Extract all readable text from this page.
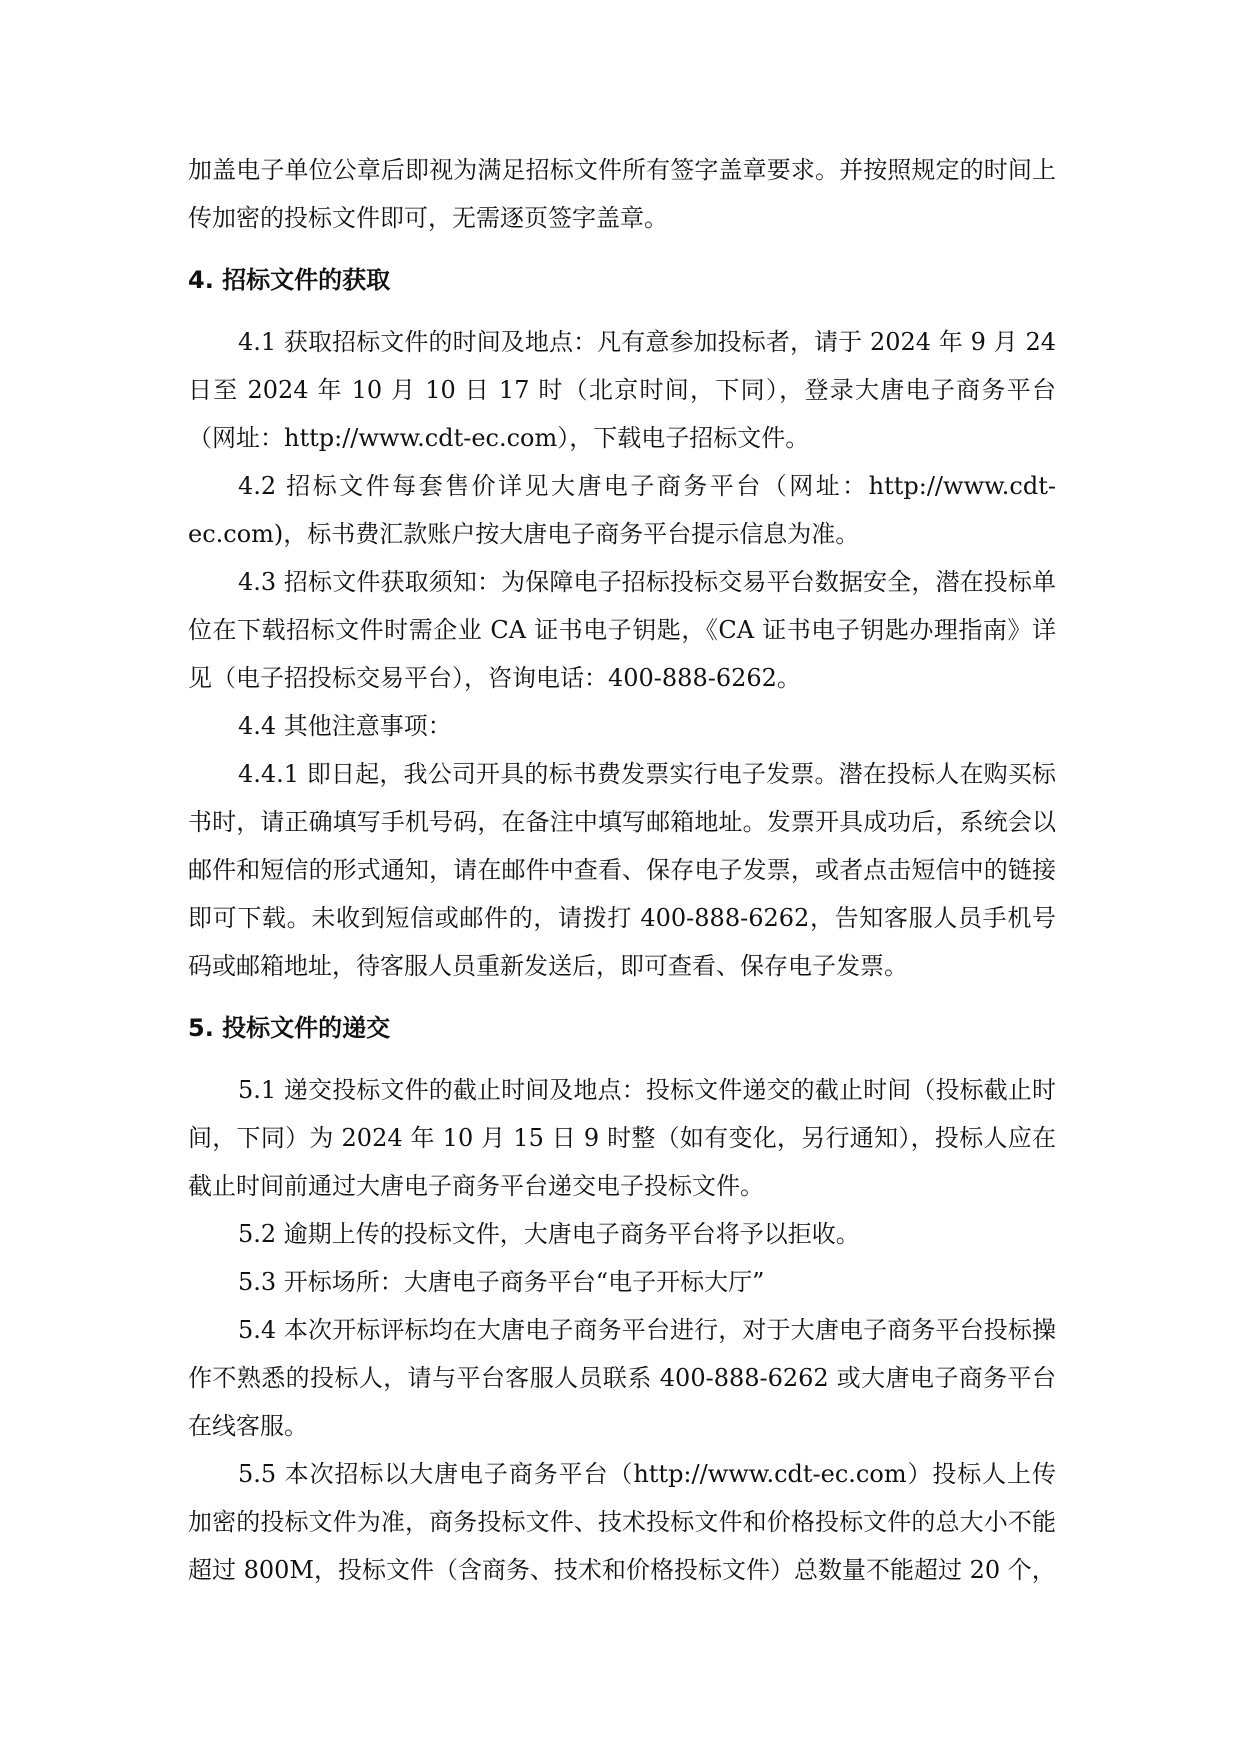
加盖电子单位公章后即视为满足招标文件所有签字盖章要求。并按照规定的时间上传加密的投标文件即可，无需逐页签字盖章。

4. 招标文件的获取

4.1 获取招标文件的时间及地点：凡有意参加投标者，请于 2024 年 9 月 24 日至 2024 年 10 月 10 日 17 时（北京时间，下同），登录大唐电子商务平台（网址：http://www.cdt-ec.com），下载电子招标文件。

4.2 招标文件每套售价详见大唐电子商务平台（网址：http://www.cdt-ec.com)，标书费汇款账户按大唐电子商务平台提示信息为准。

4.3 招标文件获取须知：为保障电子招标投标交易平台数据安全，潜在投标单位在下载招标文件时需企业 CA 证书电子钥匙，《CA 证书电子钥匙办理指南》详见（电子招投标交易平台），咨询电话：400-888-6262。

4.4 其他注意事项：

4.4.1 即日起，我公司开具的标书费发票实行电子发票。潜在投标人在购买标书时，请正确填写手机号码，在备注中填写邮箱地址。发票开具成功后，系统会以邮件和短信的形式通知，请在邮件中查看、保存电子发票，或者点击短信中的链接即可下载。未收到短信或邮件的，请拨打 400-888-6262，告知客服人员手机号码或邮箱地址，待客服人员重新发送后，即可查看、保存电子发票。

5. 投标文件的递交

5.1 递交投标文件的截止时间及地点：投标文件递交的截止时间（投标截止时间，下同）为 2024 年 10 月 15 日 9 时整（如有变化，另行通知），投标人应在截止时间前通过大唐电子商务平台递交电子投标文件。

5.2 逾期上传的投标文件，大唐电子商务平台将予以拒收。

5.3 开标场所：大唐电子商务平台“电子开标大厅”

5.4 本次开标评标均在大唐电子商务平台进行，对于大唐电子商务平台投标操作不熟悉的投标人，请与平台客服人员联系 400-888-6262 或大唐电子商务平台在线客服。

5.5 本次招标以大唐电子商务平台（http://www.cdt-ec.com）投标人上传加密的投标文件为准，商务投标文件、技术投标文件和价格投标文件的总大小不能超过 800M，投标文件（含商务、技术和价格投标文件）总数量不能超过 20 个，
